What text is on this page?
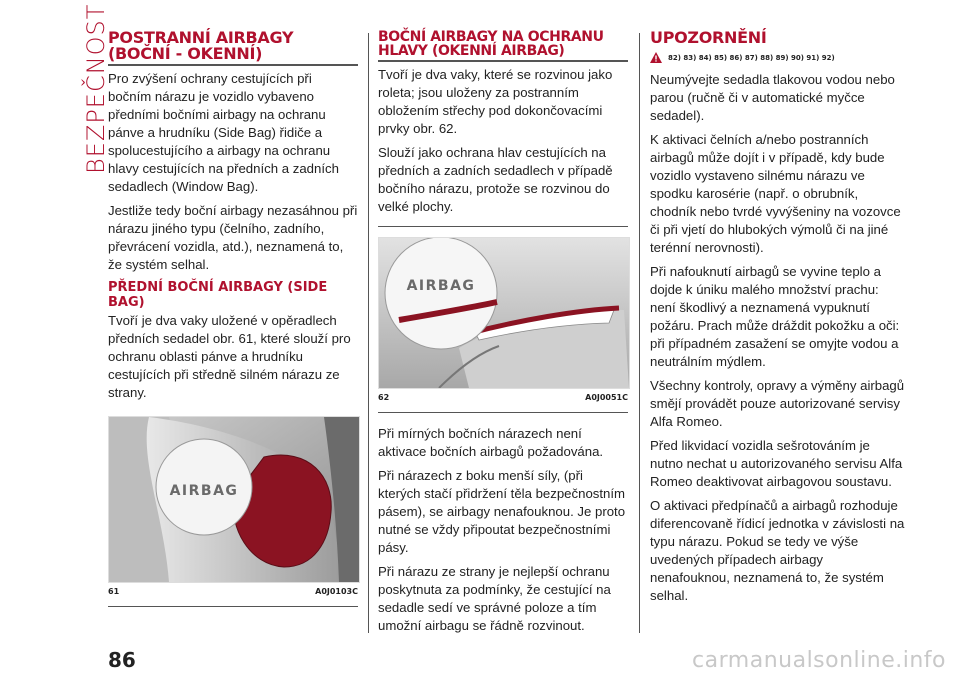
BEZPEČNOST
POSTRANNÍ AIRBAGY (BOČNÍ - OKENNÍ)

Pro zvýšení ochrany cestujících při bočním nárazu je vozidlo vybaveno předními bočními airbagy na ochranu pánve a hrudníku (Side Bag) řidiče a spolucestujícího a airbagy na ochranu hlavy cestujících na předních a zadních sedadlech (Window Bag).

Jestliže tedy boční airbagy nezasáhnou při nárazu jiného typu (čelního, zadního, převrácení vozidla, atd.), neznamená to, že systém selhal.

PŘEDNÍ BOČNÍ AIRBAGY (SIDE BAG)

Tvoří je dva vaky uložené v opěradlech předních sedadel obr. 61, které slouží pro ochranu oblasti pánve a hrudníku cestujících při středně silném nárazu ze strany.

AIRBAG
61	A0J0103C
BOČNÍ AIRBAGY NA OCHRANU HLAVY (OKENNÍ AIRBAG)

Tvoří je dva vaky, které se rozvinou jako roleta; jsou uloženy za postranním obložením střechy pod dokončovacími prvky obr. 62.

Slouží jako ochrana hlav cestujících na předních a zadních sedadlech v případě bočního nárazu, protože se rozvinou do velké plochy.

AIRBAG
62	A0J0051C

Při mírných bočních nárazech není aktivace bočních airbagů požadována.

Při nárazech z boku menší síly, (při kterých stačí přidržení těla bezpečnostním pásem), se airbagy nenafouknou. Je proto nutné se vždy připoutat bezpečnostními pásy.

Při nárazu ze strany je nejlepší ochranu poskytnuta za podmínky, že cestující na sedadle sedí ve správné poloze a tím umožní airbagu se řádně rozvinout.

UPOZORNĚNÍ
82) 83) 84) 85) 86) 87) 88) 89) 90) 91) 92)

Neumývejte sedadla tlakovou vodou nebo parou (ručně či v automatické myčce sedadel).

K aktivaci čelních a/nebo postranních airbagů může dojít i v případě, kdy bude vozidlo vystaveno silnému nárazu ve spodku karosérie (např. o obrubník, chodník nebo tvrdé vyvýšeniny na vozovce či při vjetí do hlubokých výmolů či na jiné terénní nerovnosti).

Při nafouknutí airbagů se vyvine teplo a dojde k úniku malého množství prachu: není škodlivý a neznamená vypuknutí požáru. Prach může dráždit pokožku a oči: při případném zasažení se omyjte vodou a neutrálním mýdlem.

Všechny kontroly, opravy a výměny airbagů smějí provádět pouze autorizované servisy Alfa Romeo.

Před likvidací vozidla sešrotováním je nutno nechat u autorizovaného servisu Alfa Romeo deaktivovat airbagovou soustavu.

O aktivaci předpínačů a airbagů rozhoduje diferencovaně řídicí jednotka v závislosti na typu nárazu. Pokud se tedy ve výše uvedených případech airbagy nenafouknou, neznamená to, že systém selhal.

86	carmanualsonline.info
